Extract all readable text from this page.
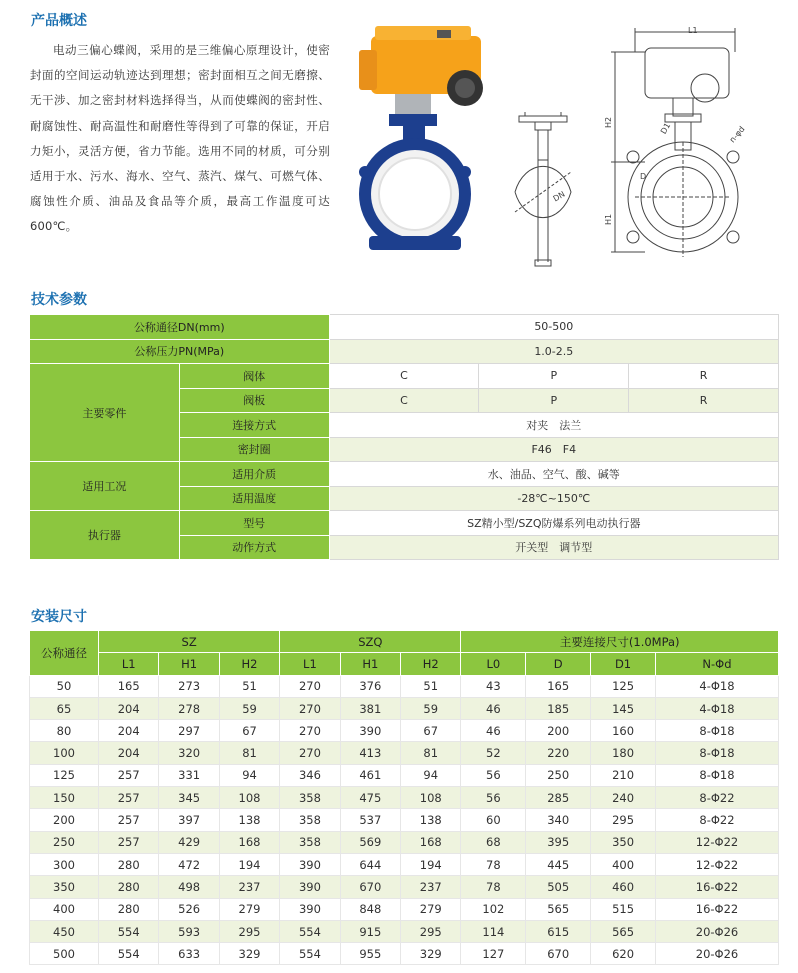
产品概述
电动三偏心蝶阀，采用的是三维偏心原理设计，使密封面的空间运动轨迹达到理想；密封面相互之间无磨擦、无干涉、加之密封材料选择得当，从而使蝶阀的密封性、耐腐蚀性、耐高温性和耐磨性等得到了可靠的保证，开启力矩小，灵活方便，省力节能。选用不同的材质，可分别适用于水、污水、海水、空气、蒸汽、煤气、可燃气体、腐蚀性介质、油品及食品等介质，最高工作温度可达600℃。
DN
L1
H2
H1
D
D1	n-φd
技术参数
公称通径DN(mm)		50-500		
公称压力PN(MPa)		1.0-2.5		
主要零件	阀体	C	P	R
	阀板	C	P	R
	连接方式	对夹　法兰		
	密封圈	F46　F4		
适用工况	适用介质	水、油品、空气、酸、碱等		
	适用温度	-28℃~150℃		
执行器	型号	SZ精小型/SZQ防爆系列电动执行器		
	动作方式	开关型　调节型		
安装尺寸
公称通径	SZ			SZQ			主要连接尺寸(1.0MPa)			
	L1	H1	H2	L1	H1	H2	L0	D	D1	N-Φd
50	165	273	51	270	376	51	43	165	125	4-Φ18
65	204	278	59	270	381	59	46	185	145	4-Φ18
80	204	297	67	270	390	67	46	200	160	8-Φ18
100	204	320	81	270	413	81	52	220	180	8-Φ18
125	257	331	94	346	461	94	56	250	210	8-Φ18
150	257	345	108	358	475	108	56	285	240	8-Φ22
200	257	397	138	358	537	138	60	340	295	8-Φ22
250	257	429	168	358	569	168	68	395	350	12-Φ22
300	280	472	194	390	644	194	78	445	400	12-Φ22
350	280	498	237	390	670	237	78	505	460	16-Φ22
400	280	526	279	390	848	279	102	565	515	16-Φ22
450	554	593	295	554	915	295	114	615	565	20-Φ26
500	554	633	329	554	955	329	127	670	620	20-Φ26
